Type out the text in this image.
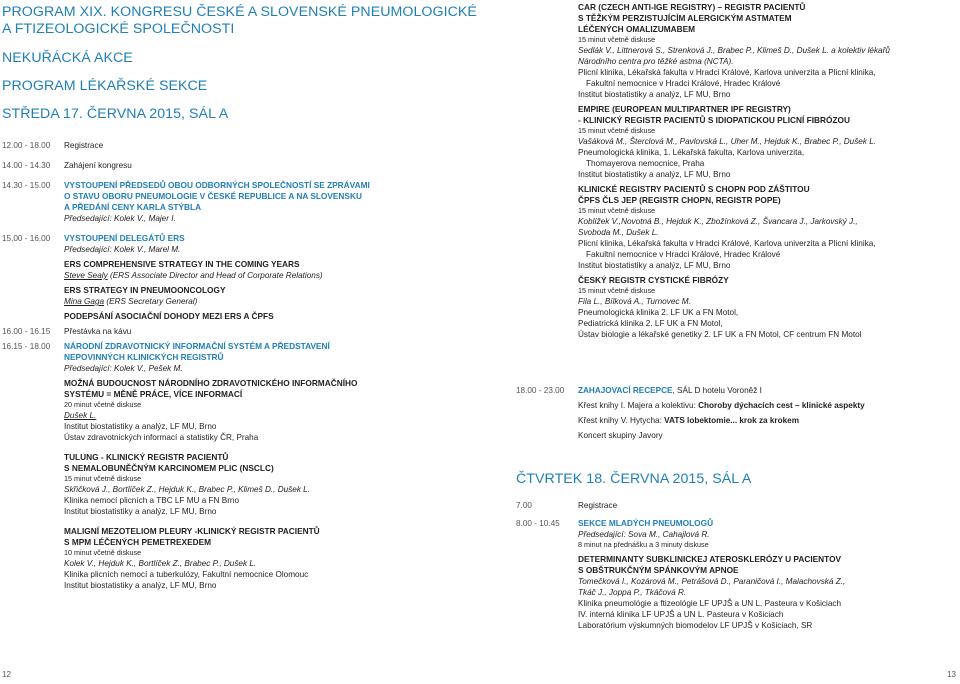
PROGRAM XIX. KONGRESU ČESKÉ A SLOVENSKÉ PNEUMOLOGICKÉ
A FTIZEOLOGICKÉ SPOLEČNOSTI
NEKUŘÁCKÁ AKCE
PROGRAM LÉKAŘSKÉ SEKCE
STŘEDA 17. ČERVNA 2015, SÁL A
12.00 - 18.00	Registrace
14.00 - 14.30	Zahájení kongresu
14.30 - 15.00	VYSTOUPENÍ PŘEDSEDŮ OBOU ODBORNÝCH SPOLEČNOSTÍ SE ZPRÁVAMI
O STAVU OBORU PNEUMOLOGIE V ČESKÉ REPUBLICE A NA SLOVENSKU
A PŘEDÁNÍ CENY KARLA STÝBLA
Předsedající: Kolek V., Majer I.
15.00 - 16.00	VYSTOUPENÍ DELEGÁTŮ ERS
Předsedající: Kolek V., Marel M.
ERS COMPREHENSIVE STRATEGY IN THE COMING YEARS
Steve Sealy (ERS Associate Director and Head of Corporate Relations)
ERS STRATEGY IN PNEUMOONCOLOGY
Mina Gaga (ERS Secretary General)
PODEPSÁNÍ ASOCIAČNÍ DOHODY MEZI ERS A ČPFS
16.00 - 16.15	Přestávka na kávu
16.15 - 18.00	NÁRODNÍ ZDRAVOTNICKÝ INFORMAČNÍ SYSTÉM A PŘEDSTAVENÍ
NEPOVINNÝCH KLINICKÝCH REGISTRŮ
Předsedající: Kolek V., Pešek M.
MOŽNÁ BUDOUCNOST NÁRODNÍHO ZDRAVOTNICKÉHO INFORMAČNÍHO
SYSTÉMU = MĚNĚ PRÁCE, VÍCE INFORMACÍ
20 minut včetně diskuse
Dušek L.
Institut biostatistiky a analýz, LF MU, Brno
Ústav zdravotnických informací a statistiky ČR, Praha
TULUNG - KLINICKÝ REGISTR PACIENTŮ
S NEMALOBUNĚČNÝM KARCINOMEM PLIC (NSCLC)
15 minut včetně diskuse
Skřičková J., Bortlíček Z., Hejduk K., Brabec P., Klimeš D., Dušek L.
Klinika nemocí plicních a TBC LF MU a FN Brno
Institut biostatistiky a analýz, LF MU, Brno
MALIGNÍ MEZOTELIOM PLEURY -KLINICKÝ REGISTR PACIENTŮ
S MPM LÉČENÝCH PEMETREXEDEM
10 minut včetně diskuse
Kolek V., Hejduk K., Bortlíček Z., Brabec P., Dušek L.
Klinika plicních nemocí a tuberkulózy, Fakultní nemocnice Olomouc
Institut biostatistiky a analýz, LF MU, Brno
12
CAR (CZECH ANTI-IGE REGISTRY) – REGISTR PACIENTŮ
S TĚŽKÝM PERZISTUJÍCÍM ALERGICKÝM ASTMATEM
LÉČENÝCH OMALIZUMABEM
15 minut včetně diskuse
Sedlák V., Littnerová S., Strenková J., Brabec P., Klimeš D., Dušek L. a kolektiv lékařů
Národního centra pro těžké astma (NCTA).
Plicní klinika, Lékařská fakulta v Hradci Králové, Karlova univerzita a Plicní klinika,
Fakultní nemocnice v Hradci Králové, Hradec Králové
Institut biostatistiky a analýz, LF MU, Brno
EMPIRE (EUROPEAN MULTIPARTNER IPF REGISTRY)
- KLINICKÝ REGISTR PACIENTŮ S IDIOPATICKOU PLICNÍ FIBRÓZOU
15 minut včetně diskuse
Vašáková M., Šterclová M., Pavlovská L., Uher M., Hejduk K., Brabec P., Dušek L.
Pneumologická klinika, 1. Lékařská fakulta, Karlova univerzita,
Thomayerova nemocnice, Praha
Institut biostatistiky a analýz, LF MU, Brno
KLINICKÉ REGISTRY PACIENTŮ S CHOPN POD ZÁŠTITOU
ČPFS ČLS JEP (REGISTR CHOPN, REGISTR POPE)
15 minut včetně diskuse
Koblížek V.,Novotná B., Hejduk K., Zbožínková Z., Švancara J., Jarkovský J.,
Svoboda M., Dušek L.
Plicní klinika, Lékařská fakulta v Hradci Králové, Karlova univerzita a Plicní klinika,
Fakultní nemocnice v Hradci Králové, Hradec Králové
Institut biostatistiky a analýz, LF MU, Brno
ČESKÝ REGISTR CYSTICKÉ FIBRÓZY
15 minut včetně diskuse
Fila L., Bílková A., Turnovec M.
Pneumologická klinika 2. LF UK a FN Motol,
Pediatrická klinika 2. LF UK a FN Motol,
Ústav biologie a lékařské genetiky 2. LF UK a FN Motol, CF centrum FN Motol
18.00 - 23.00	ZAHAJOVACÍ RECEPCE, SÁL D hotelu Voroněž I
Křest knihy I. Majera a kolektivu: Choroby dýchacích cest – klinické aspekty
Křest knihy V. Hytycha: VATS lobektomie... krok za krokem
Koncert skupiny Javory
ČTVRTEK 18. ČERVNA 2015, SÁL A
7.00	Registrace
8.00 - 10.45	SEKCE MLADÝCH PNEUMOLOGŮ
Předsedající: Sova M., Cahajlová R.
8 minut na přednášku a 3 minuty diskuse
DETERMINANTY SUBKLINICKEJ ATEROSKLERÓZY U PACIENTOV
S OBŠTRUKČNÝM SPÁNKOVÝM APNOE
Tomečková I., Kozárová M., Petrášová D., Paraničová I., Malachovská Z.,
Tkáč J., Joppa P., Tkáčová R.
Klinika pneumológie a ftizeológie LF UPJŠ a UN L. Pasteura v Košiciach
IV. interná klinika LF UPJŠ a UN L. Pasteura v Košiciach
Laboratórium výskumných biomodelov LF UPJŠ v Košiciach, SR
13
